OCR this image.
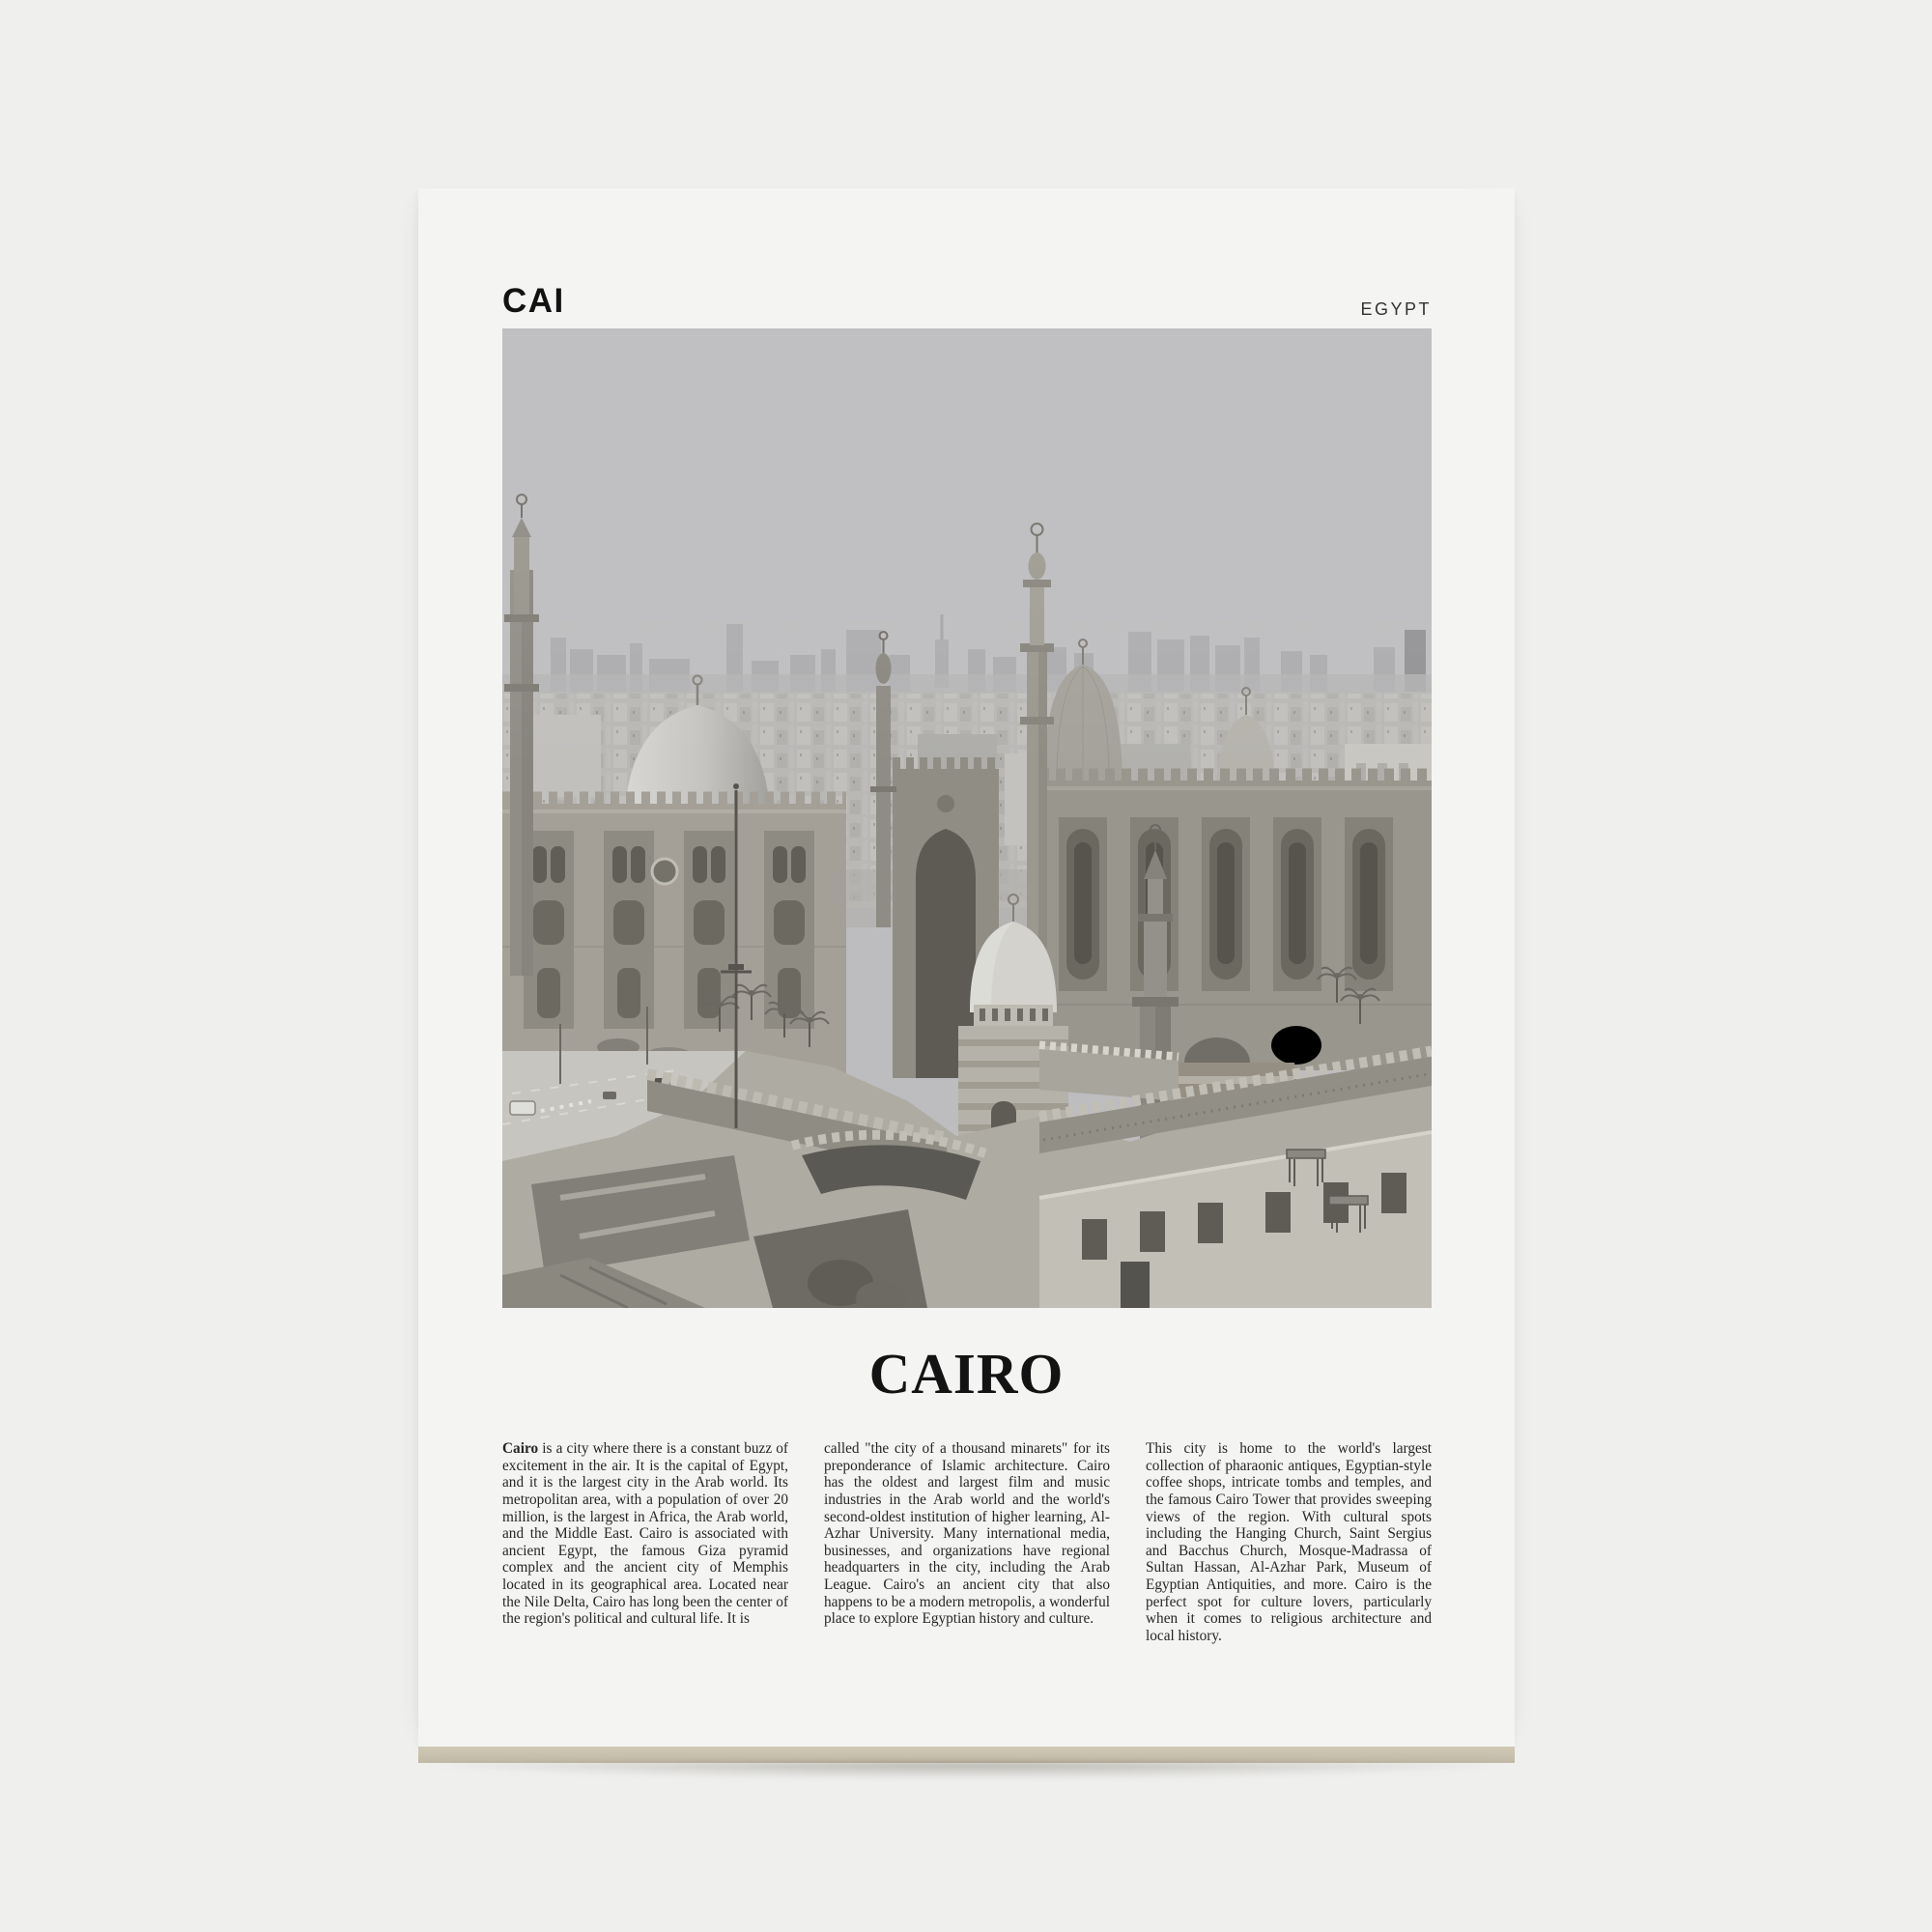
CAI	EGYPT
CAIRO

Cairo is a city where there is a constant buzz of excitement in the air. It is the capital of Egypt, and it is the largest city in the Arab world. Its metropolitan area, with a population of over 20 million, is the largest in Africa, the Arab world, and the Middle East. Cairo is associated with ancient Egypt, the famous Giza pyramid complex and the ancient city of Memphis located in its geographical area. Located near the Nile Delta, Cairo has long been the center of the region's political and cultural life. It is

called "the city of a thousand minarets" for its preponderance of Islamic architecture. Cairo has the oldest and largest film and music industries in the Arab world and the world's second-oldest institution of higher learning, Al-Azhar University. Many international media, businesses, and organizations have regional headquarters in the city, including the Arab League. Cairo's an ancient city that also happens to be a modern metropolis, a wonderful place to explore Egyptian history and culture.

This city is home to the world's largest collection of pharaonic antiques, Egyptian-style coffee shops, intricate tombs and temples, and the famous Cairo Tower that provides sweeping views of the region. With cultural spots including the Hanging Church, Saint Sergius and Bacchus Church, Mosque-Madrassa of Sultan Hassan, Al-Azhar Park, Museum of Egyptian Antiquities, and more. Cairo is the perfect spot for culture lovers, particularly when it comes to religious architecture and local history.
